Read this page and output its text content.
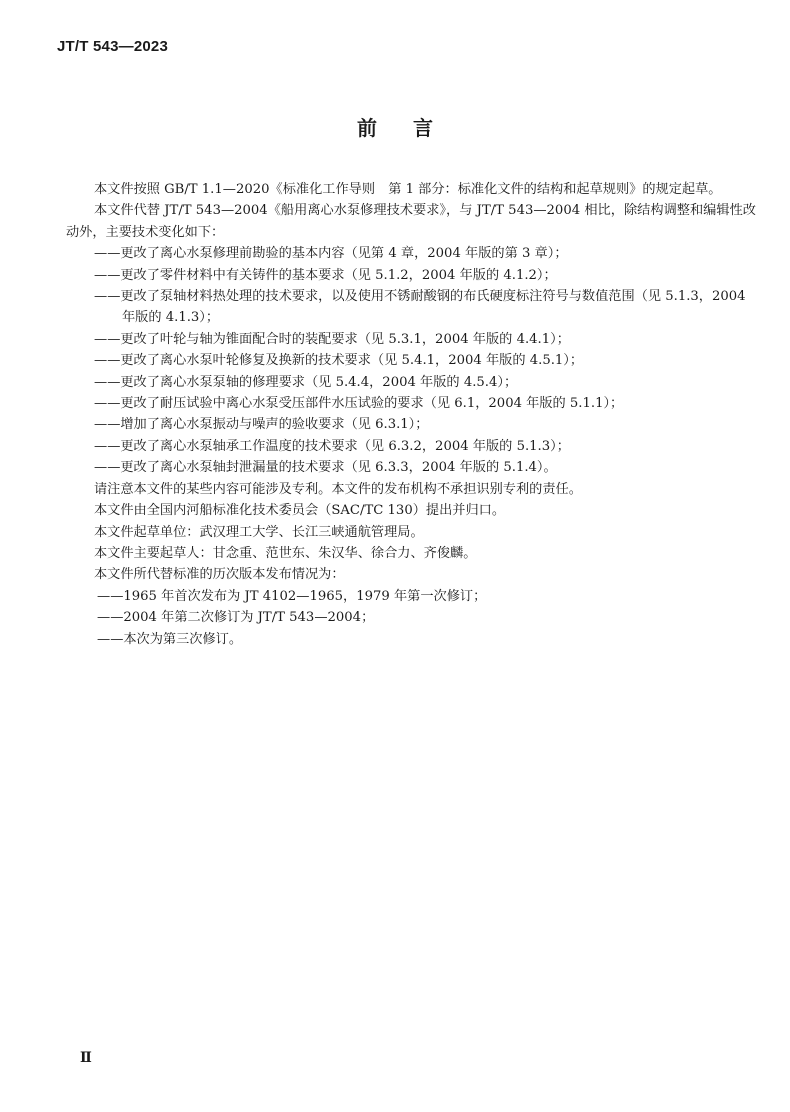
JT/T 543—2023
前 言

本文件按照 GB/T 1.1—2020《标准化工作导则　第 1 部分：标准化文件的结构和起草规则》的规定起草。

本文件代替 JT/T 543—2004《船用离心水泵修理技术要求》，与 JT/T 543—2004 相比，除结构调整和编辑性改动外，主要技术变化如下：

——更改了离心水泵修理前勘验的基本内容（见第 4 章，2004 年版的第 3 章）；

——更改了零件材料中有关铸件的基本要求（见 5.1.2，2004 年版的 4.1.2）；

——更改了泵轴材料热处理的技术要求，以及使用不锈耐酸钢的布氏硬度标注符号与数值范围（见 5.1.3，2004 年版的 4.1.3）；

——更改了叶轮与轴为锥面配合时的装配要求（见 5.3.1，2004 年版的 4.4.1）；

——更改了离心水泵叶轮修复及换新的技术要求（见 5.4.1，2004 年版的 4.5.1）；

——更改了离心水泵泵轴的修理要求（见 5.4.4，2004 年版的 4.5.4）；

——更改了耐压试验中离心水泵受压部件水压试验的要求（见 6.1，2004 年版的 5.1.1）；

——增加了离心水泵振动与噪声的验收要求（见 6.3.1）；

——更改了离心水泵轴承工作温度的技术要求（见 6.3.2，2004 年版的 5.1.3）；

——更改了离心水泵轴封泄漏量的技术要求（见 6.3.3，2004 年版的 5.1.4）。

请注意本文件的某些内容可能涉及专利。本文件的发布机构不承担识别专利的责任。

本文件由全国内河船标准化技术委员会（SAC/TC 130）提出并归口。

本文件起草单位：武汉理工大学、长江三峡通航管理局。

本文件主要起草人：甘念重、范世东、朱汉华、徐合力、齐俊麟。

本文件所代替标准的历次版本发布情况为：

——1965 年首次发布为 JT 4102—1965，1979 年第一次修订；

——2004 年第二次修订为 JT/T 543—2004；

——本次为第三次修订。

Ⅱ
